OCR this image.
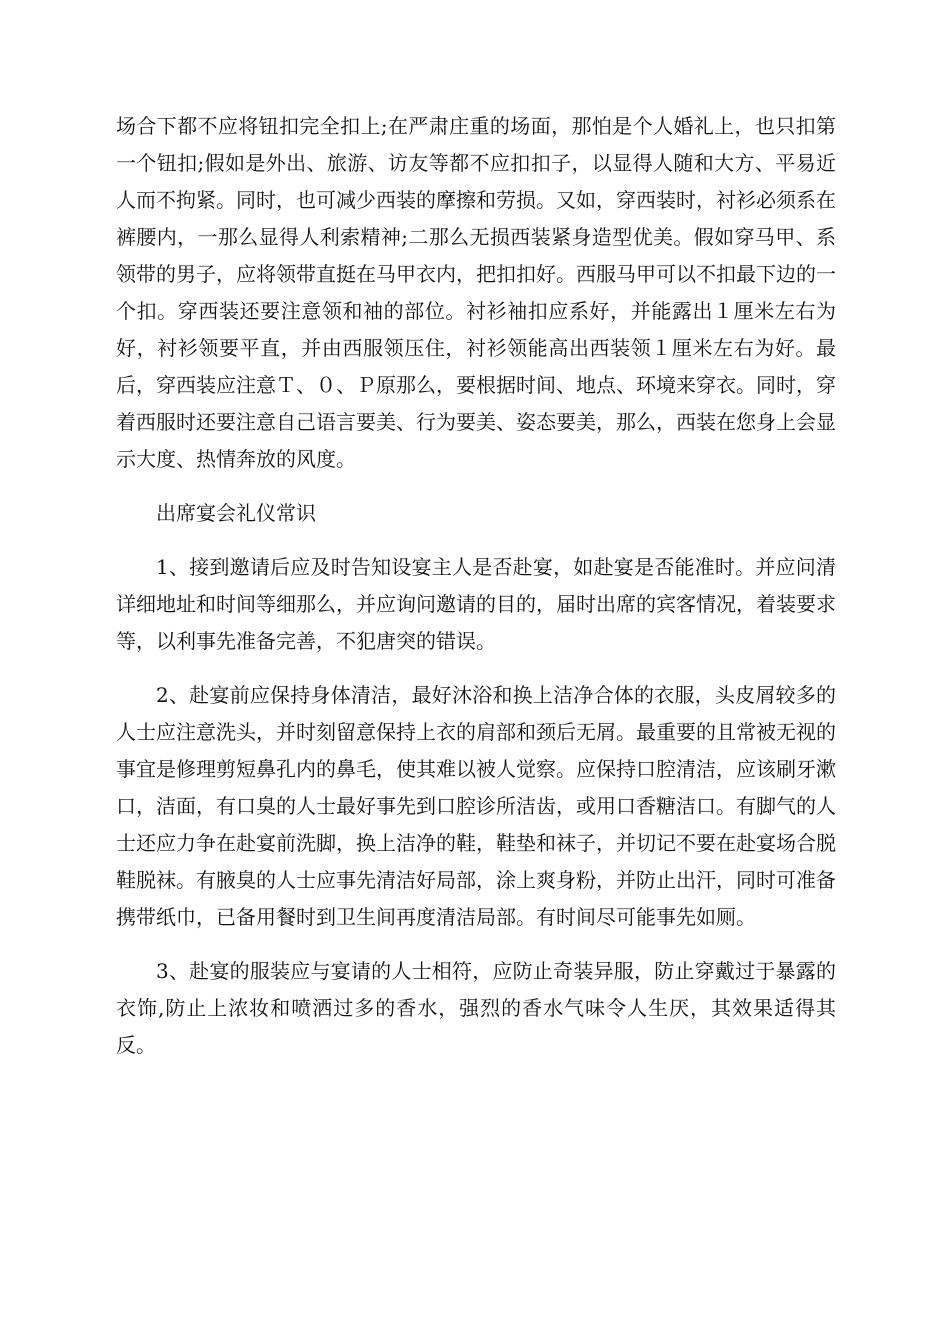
场合下都不应将钮扣完全扣上;在严肃庄重的场面，那怕是个人婚礼上，也只扣第一个钮扣;假如是外出、旅游、访友等都不应扣扣子，以显得人随和大方、平易近人而不拘紧。同时，也可减少西装的摩擦和劳损。又如，穿西装时，衬衫必须系在裤腰内，一那么显得人利索精神;二那么无损西装紧身造型优美。假如穿马甲、系领带的男子，应将领带直挺在马甲衣内，把扣扣好。西服马甲可以不扣最下边的一个扣。穿西装还要注意领和袖的部位。衬衫袖扣应系好，并能露出１厘米左右为好，衬衫领要平直，并由西服领压住，衬衫领能高出西装领１厘米左右为好。最后，穿西装应注意Ｔ、０、Ｐ原那么，要根据时间、地点、环境来穿衣。同时，穿着西服时还要注意自己语言要美、行为要美、姿态要美，那么，西装在您身上会显示大度、热情奔放的风度。

出席宴会礼仪常识

1、接到邀请后应及时告知设宴主人是否赴宴，如赴宴是否能准时。并应问清详细地址和时间等细那么，并应询问邀请的目的，届时出席的宾客情况，着装要求等，以利事先准备完善，不犯唐突的错误。

2、赴宴前应保持身体清洁，最好沐浴和换上洁净合体的衣服，头皮屑较多的人士应注意洗头，并时刻留意保持上衣的肩部和颈后无屑。最重要的且常被无视的事宜是修理剪短鼻孔内的鼻毛，使其难以被人觉察。应保持口腔清洁，应该刷牙漱口，洁面，有口臭的人士最好事先到口腔诊所洁齿，或用口香糖洁口。有脚气的人士还应力争在赴宴前洗脚，换上洁净的鞋，鞋垫和袜子，并切记不要在赴宴场合脱鞋脱袜。有腋臭的人士应事先清洁好局部，涂上爽身粉，并防止出汗，同时可准备携带纸巾，已备用餐时到卫生间再度清洁局部。有时间尽可能事先如厕。

3、赴宴的服装应与宴请的人士相符，应防止奇装异服，防止穿戴过于暴露的衣饰,防止上浓妆和喷洒过多的香水，强烈的香水气味令人生厌，其效果适得其反。
